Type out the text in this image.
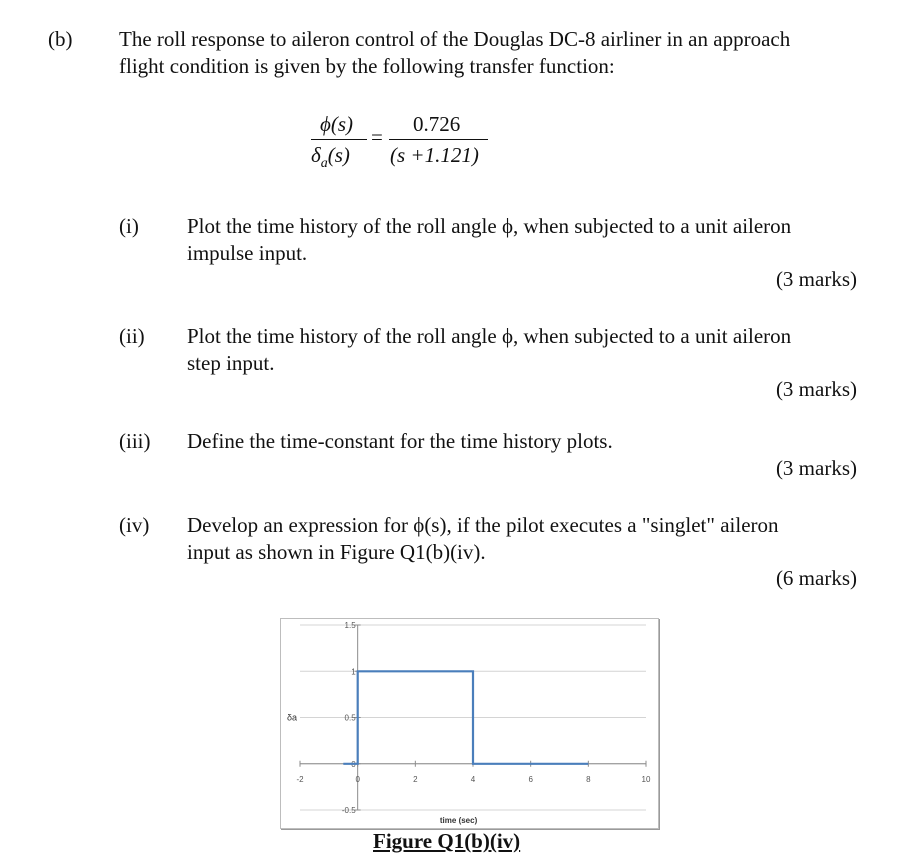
(b) The roll response to aileron control of the Douglas DC-8 airliner in an approach
flight condition is given by the following transfer function:
ϕ(s)
$\delta_a(s)$
=
0.726
(s +1.121)
(i) Plot the time history of the roll angle ϕ, when subjected to a unit aileron
impulse input.
(3 marks)
(ii) Plot the time history of the roll angle ϕ, when subjected to a unit aileron
step input.
(3 marks)
(iii) Define the time-constant for the time history plots.
(3 marks)
(iv) Develop an expression for ϕ(s), if the pilot executes a "singlet" aileron
input as shown in Figure Q1(b)(iv).
(6 marks)
-0.5
0
0.5
1
1.5
-2	0	2	4	6	8	10
δa
time (sec)
Figure Q1(b)(iv)
